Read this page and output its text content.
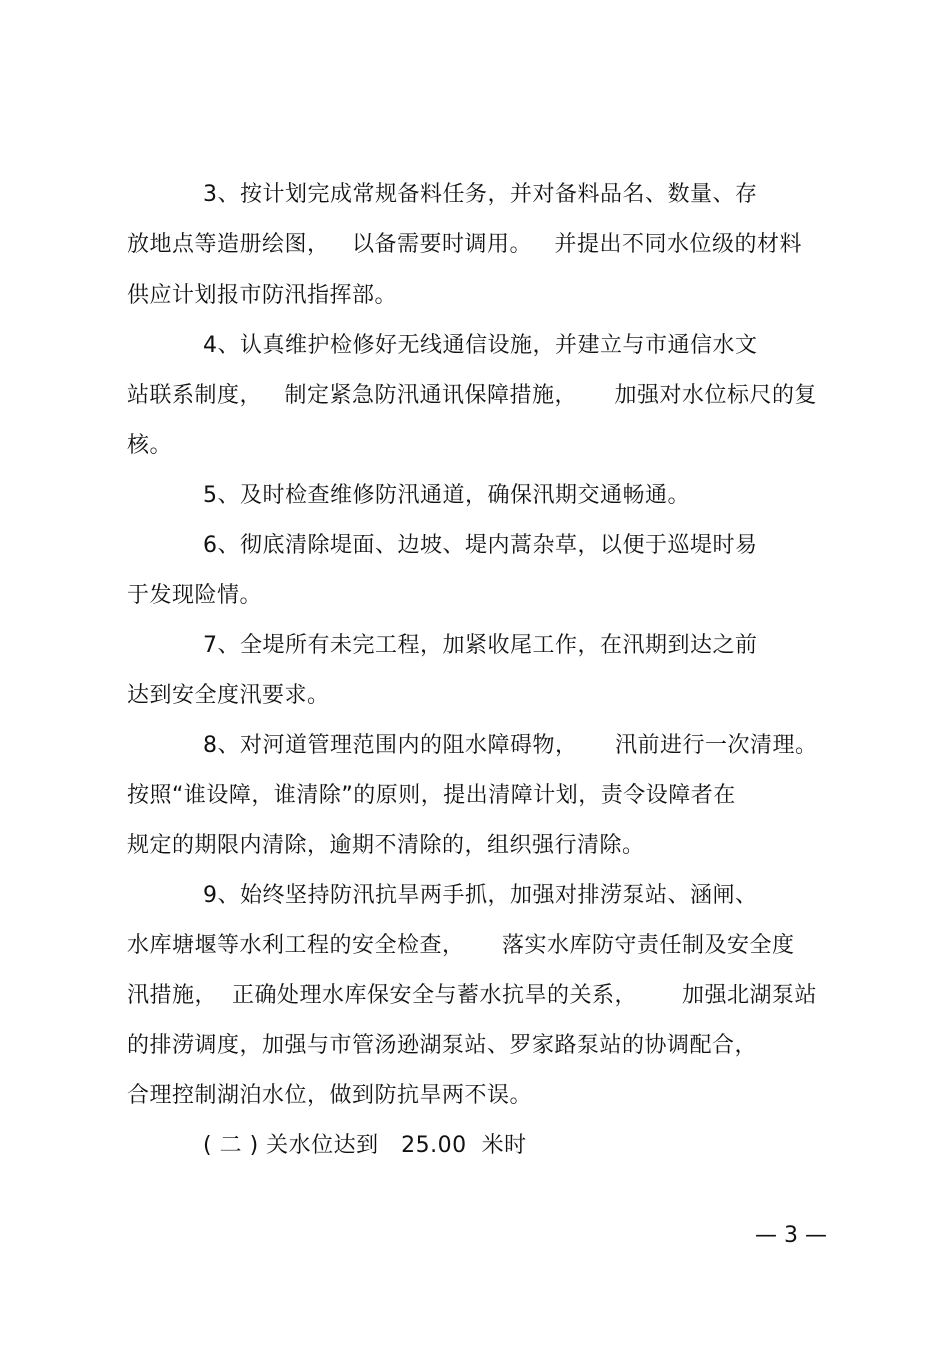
3、按计划完成常规备料任务，并对备料品名、数量、存
放地点等造册绘图，   以备需要时调用。   并提出不同水位级的材料
供应计划报市防汛指挥部。
4、认真维护检修好无线通信设施，并建立与市通信水文
站联系制度，   制定紧急防汛通讯保障措施，     加强对水位标尺的复
核。
5、及时检查维修防汛通道，确保汛期交通畅通。
6、彻底清除堤面、边坡、堤内蒿杂草，以便于巡堤时易
于发现险情。
7、全堤所有未完工程，加紧收尾工作，在汛期到达之前
达到安全度汛要求。
8、对河道管理范围内的阻水障碍物，     汛前进行一次清理。
按照“谁设障，谁清除”的原则，提出清障计划，责令设障者在
规定的期限内清除，逾期不清除的，组织强行清除。
9、始终坚持防汛抗旱两手抓，加强对排涝泵站、涵闸、
水库塘堰等水利工程的安全检查，     落实水库防守责任制及安全度
汛措施，  正确处理水库保安全与蓄水抗旱的关系，      加强北湖泵站
的排涝调度，加强与市管汤逊湖泵站、罗家路泵站的协调配合，
合理控制湖泊水位，做到防抗旱两不误。
( 二 ) 关水位达到   25.00  米时
— 3 —
